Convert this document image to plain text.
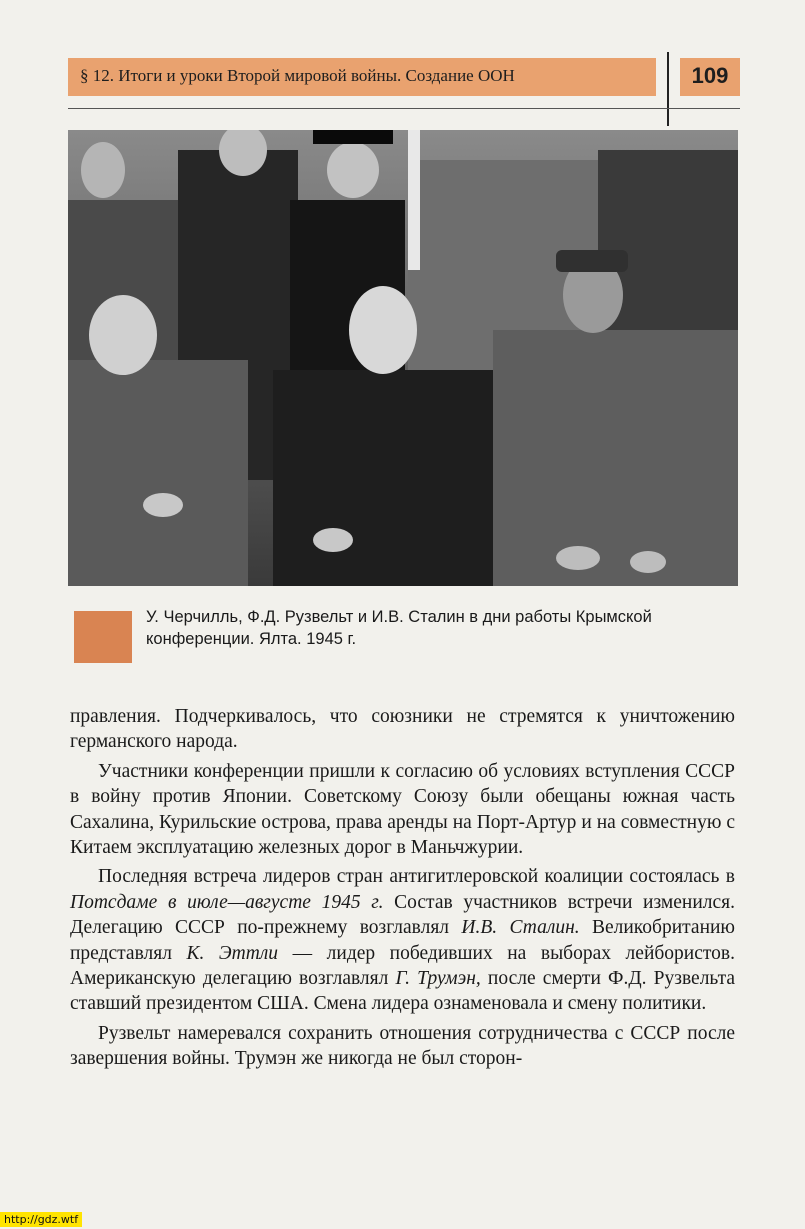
§ 12. Итоги и уроки Второй мировой войны. Создание ООН	109
У. Черчилль, Ф.Д. Рузвельт и И.В. Сталин в дни работы Крымской
конференции. Ялта. 1945 г.

правления. Подчеркивалось, что союзники не стремятся к уничтожению германского народа.

Участники конференции пришли к согласию об условиях вступления СССР в войну против Японии. Советскому Союзу были обещаны южная часть Сахалина, Курильские острова, права аренды на Порт-Артур и на совместную с Китаем эксплуатацию железных дорог в Маньчжурии.

Последняя встреча лидеров стран антигитлеровской коалиции состоялась в Потсдаме в июле—августе 1945 г. Состав участников встречи изменился. Делегацию СССР по-прежнему возглавлял И.В. Сталин. Великобританию представлял К. Эттли — лидер победивших на выборах лейбористов. Американскую делегацию возглавлял Г. Трумэн, после смерти Ф.Д. Рузвельта ставший президентом США. Смена лидера ознаменовала и смену политики.

Рузвельт намеревался сохранить отношения сотрудничества с СССР после завершения войны. Трумэн же никогда не был сторон-

http://gdz.wtf
